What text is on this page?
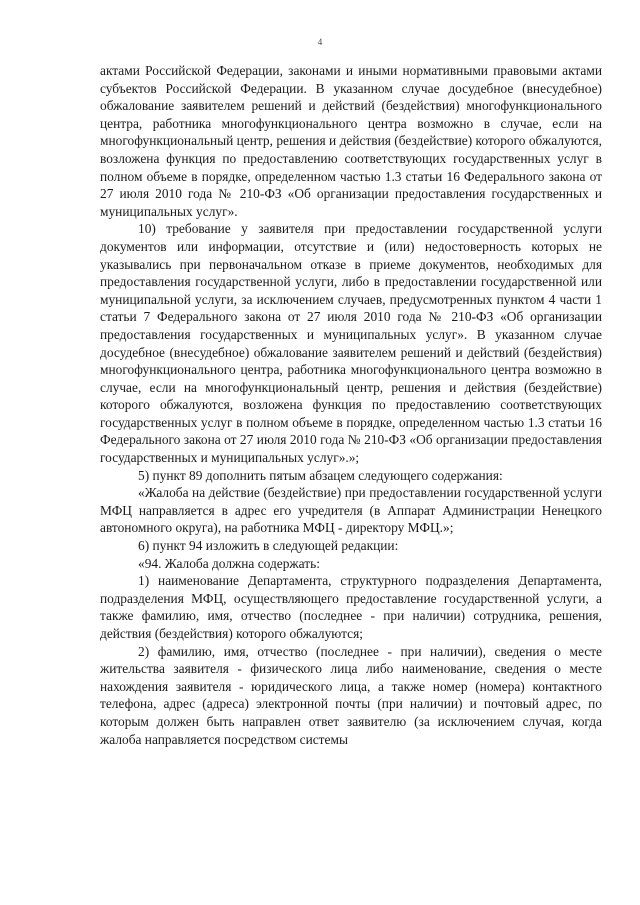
4

актами Российской Федерации, законами и иными нормативными правовыми актами субъектов Российской Федерации. В указанном случае досудебное (внесудебное) обжалование заявителем решений и действий (бездействия) многофункционального центра, работника многофункционального центра возможно в случае, если на многофункциональный центр, решения и действия (бездействие) которого обжалуются, возложена функция по предоставлению соответствующих государственных услуг в полном объеме в порядке, определенном частью 1.3 статьи 16 Федерального закона от 27 июля 2010 года № 210-ФЗ «Об организации предоставления государственных и муниципальных услуг».

10) требование у заявителя при предоставлении государственной услуги документов или информации, отсутствие и (или) недостоверность которых не указывались при первоначальном отказе в приеме документов, необходимых для предоставления государственной услуги, либо в предоставлении государственной или муниципальной услуги, за исключением случаев, предусмотренных пунктом 4 части 1 статьи 7 Федерального закона от 27 июля 2010 года № 210-ФЗ «Об организации предоставления государственных и муниципальных услуг». В указанном случае досудебное (внесудебное) обжалование заявителем решений и действий (бездействия) многофункционального центра, работника многофункционального центра возможно в случае, если на многофункциональный центр, решения и действия (бездействие) которого обжалуются, возложена функция по предоставлению соответствующих государственных услуг в полном объеме в порядке, определенном частью 1.3 статьи 16 Федерального закона от 27 июля 2010 года № 210-ФЗ «Об организации предоставления государственных и муниципальных услуг».»;

5) пункт 89 дополнить пятым абзацем следующего содержания:

«Жалоба на действие (бездействие) при предоставлении государственной услуги МФЦ направляется в адрес его учредителя (в Аппарат Администрации Ненецкого автономного округа), на работника МФЦ - директору МФЦ.»;

6) пункт 94 изложить в следующей редакции:

«94. Жалоба должна содержать:

1) наименование Департамента, структурного подразделения Департамента, подразделения МФЦ, осуществляющего предоставление государственной услуги, а также фамилию, имя, отчество (последнее - при наличии) сотрудника, решения, действия (бездействия) которого обжалуются;

2) фамилию, имя, отчество (последнее - при наличии), сведения о месте жительства заявителя - физического лица либо наименование, сведения о месте нахождения заявителя - юридического лица, а также номер (номера) контактного телефона, адрес (адреса) электронной почты (при наличии) и почтовый адрес, по которым должен быть направлен ответ заявителю (за исключением случая, когда жалоба направляется посредством системы
